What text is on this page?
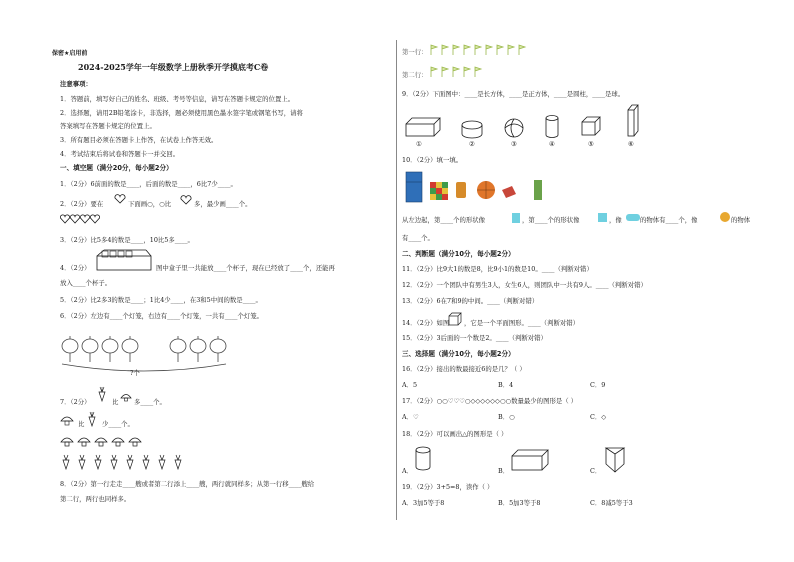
保密★启用前
2024-2025学年一年级数学上册秋季开学摸底考C卷
注意事项：
1．答题前，填写好自己的姓名、班级、考号等信息，请写在答题卡规定的位置上。
2．选择题，请用2B铅笔涂卡，非选择，题必须使用黑色墨水签字笔或钢笔书写，请将
答案填写在答题卡规定的位置上。
3．所有题目必须在答题卡上作答，在试卷上作答无效。
4．考试结束后将试卷和答题卡一并交回。
一、填空题（满分20分，每小题2分）
1．（2分）6前面的数是____，后面的数是____，6比7少____。
2．（2分）要在	下面画○，○比	多，最少画____个。
3．（2分）比5多4的数是____，10比5多____。
4．（2分）	图中盒子里一共能放____个杯子，现在已经放了____个，还能再
放入____个杯子。
5．（2分）比2多3的数是____；1比4少____，在3和5中间的数是____。
6．（2分）左边有____个灯笼，右边有____个灯笼，一共有____个灯笼。
?个
7．（2分）	比 多____个。
比	少____个。
8．（2分）第一行走走____艘或者第二行添上____艘，两行就同样多；从第一行移____艘给
第二行，两行也同样多。
第一行：
第二行：
9．（2分）下面图中：____是长方体，____是正方体，____是圆柱，____是球。
①	②	③	④	⑤	⑥
10．（2分）填一填。
从左边起，第____个的形状像	，第____个的形状像	，像	的物体有____个，像	的物体
有____个。
二、判断题（满分10分，每小题2分）
11．（2分）比9大1的数是8，比9小1的数是10。____（判断对错）
12．（2分）一个团队中有男生3人，女生6人，则团队中一共有9人。____（判断对错）
13．（2分）6在7和9的中间。____（判断对错）
14．（2分）如图 ，它是一个平面图形。____（判断对错）
15．（2分）3后面的一个数是2。____（判断对错）
三、选择题（满分10分，每小题2分）
16．（2分）接出的数最接近6的是几？（ ）
A．5	B．4	C．9
17．（2分）○○♡♡♡○◇◇◇◇◇◇○○数量最少的图形是（ ）
A．♡	B．○	C．◇
18．（2分）可以画出△的图形是（ ）
A．	B．	C．
19．（2分）3+5=8，读作（ ）
A．3加5等于8	B．5加3等于8	C．8减5等于3
